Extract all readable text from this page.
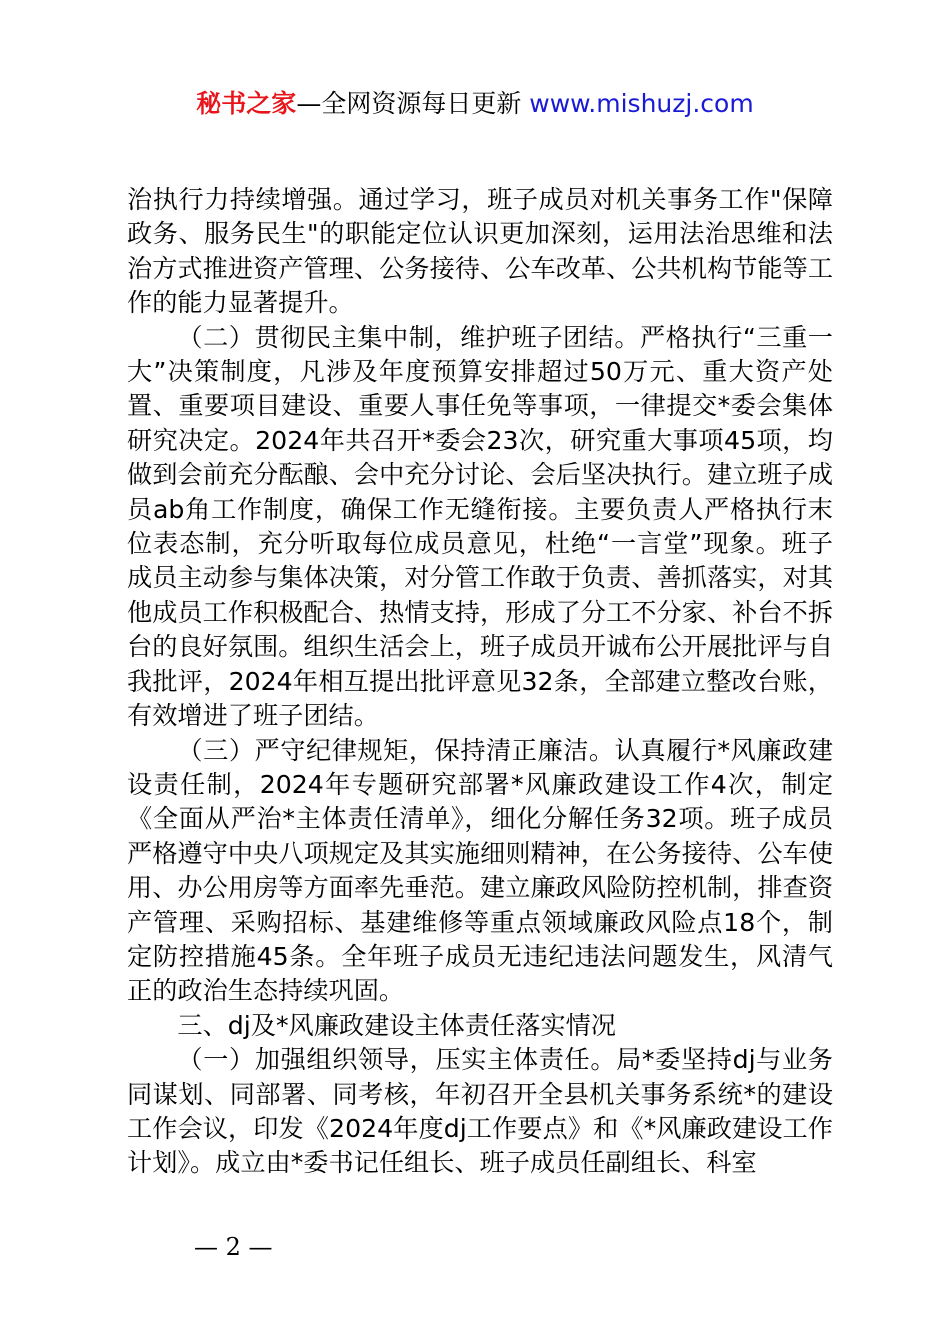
秘书之家—全网资源每日更新 www.mishuzj.com

治执行力持续增强。通过学习，班子成员对机关事务工作"保障政务、服务民生"的职能定位认识更加深刻，运用法治思维和法治方式推进资产管理、公务接待、公车改革、公共机构节能等工作的能力显著提升。

（二）贯彻民主集中制，维护班子团结。严格执行“三重一大”决策制度，凡涉及年度预算安排超过50万元、重大资产处置、重要项目建设、重要人事任免等事项，一律提交*委会集体研究决定。2024年共召开*委会23次，研究重大事项45项，均做到会前充分酝酿、会中充分讨论、会后坚决执行。建立班子成员ab角工作制度，确保工作无缝衔接。主要负责人严格执行末位表态制，充分听取每位成员意见，杜绝“一言堂”现象。班子成员主动参与集体决策，对分管工作敢于负责、善抓落实，对其他成员工作积极配合、热情支持，形成了分工不分家、补台不拆台的良好氛围。组织生活会上，班子成员开诚布公开展批评与自我批评，2024年相互提出批评意见32条，全部建立整改台账，有效增进了班子团结。

（三）严守纪律规矩，保持清正廉洁。认真履行*风廉政建设责任制，2024年专题研究部署*风廉政建设工作4次，制定《全面从严治*主体责任清单》，细化分解任务32项。班子成员严格遵守中央八项规定及其实施细则精神，在公务接待、公车使用、办公用房等方面率先垂范。建立廉政风险防控机制，排查资产管理、采购招标、基建维修等重点领域廉政风险点18个，制定防控措施45条。全年班子成员无违纪违法问题发生，风清气正的政治生态持续巩固。

三、dj及*风廉政建设主体责任落实情况

（一）加强组织领导，压实主体责任。局*委坚持dj与业务同谋划、同部署、同考核，年初召开全县机关事务系统*的建设工作会议，印发《2024年度dj工作要点》和《*风廉政建设工作计划》。成立由*委书记任组长、班子成员任副组长、科室

— 2 —
